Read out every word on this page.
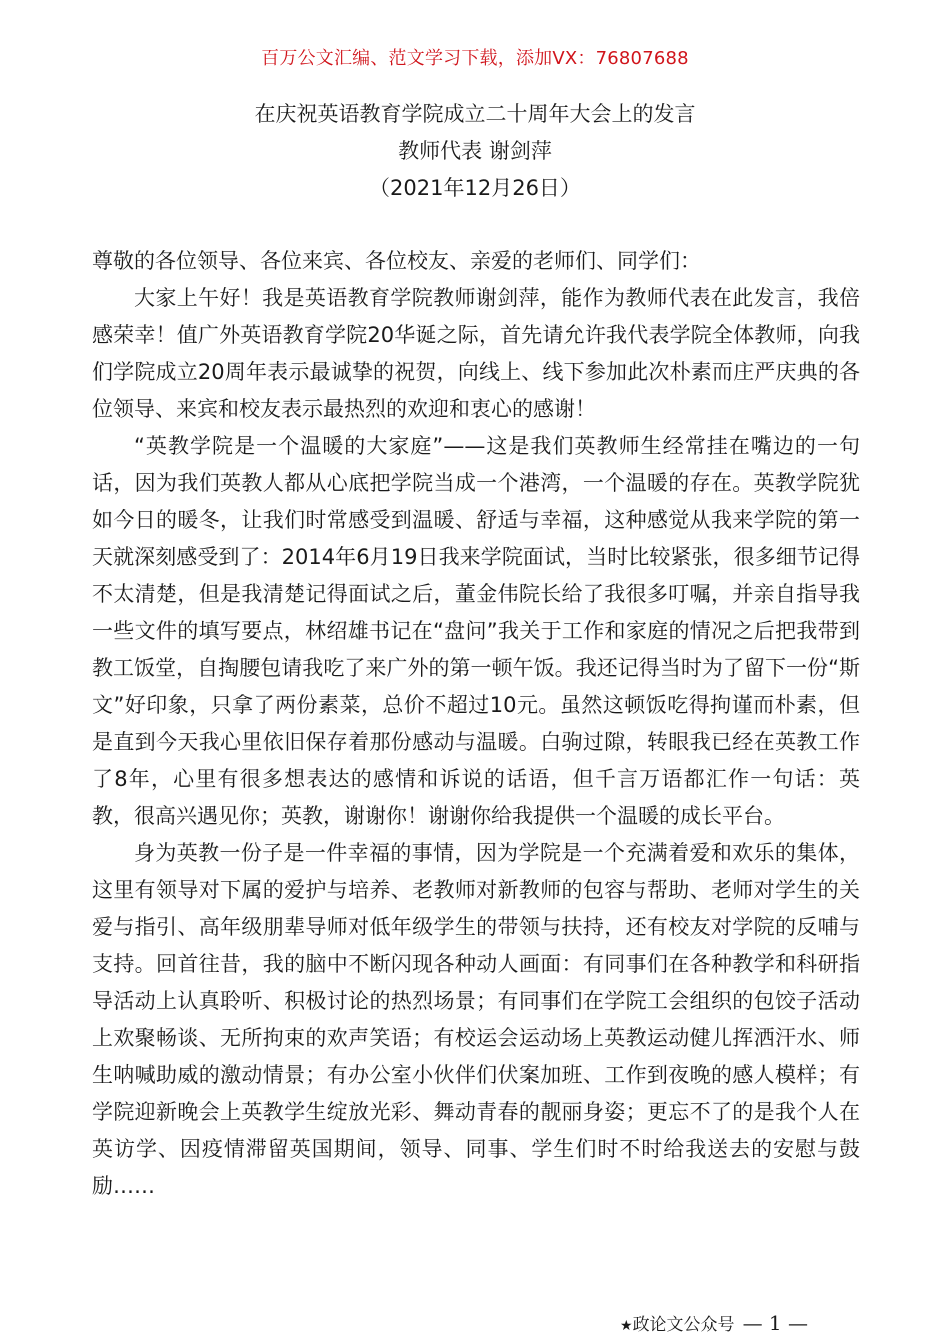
百万公文汇编、范文学习下载，添加VX：76807688
在庆祝英语教育学院成立二十周年大会上的发言
教师代表 谢剑萍
（2021年12月26日）

尊敬的各位领导、各位来宾、各位校友、亲爱的老师们、同学们：

大家上午好！我是英语教育学院教师谢剑萍，能作为教师代表在此发言，我倍感荣幸！值广外英语教育学院20华诞之际，首先请允许我代表学院全体教师，向我们学院成立20周年表示最诚挚的祝贺，向线上、线下参加此次朴素而庄严庆典的各位领导、来宾和校友表示最热烈的欢迎和衷心的感谢！

“英教学院是一个温暖的大家庭”——这是我们英教师生经常挂在嘴边的一句话，因为我们英教人都从心底把学院当成一个港湾，一个温暖的存在。英教学院犹如今日的暖冬，让我们时常感受到温暖、舒适与幸福，这种感觉从我来学院的第一天就深刻感受到了：2014年6月19日我来学院面试，当时比较紧张，很多细节记得不太清楚，但是我清楚记得面试之后，董金伟院长给了我很多叮嘱，并亲自指导我一些文件的填写要点，林绍雄书记在“盘问”我关于工作和家庭的情况之后把我带到教工饭堂，自掏腰包请我吃了来广外的第一顿午饭。我还记得当时为了留下一份“斯文”好印象，只拿了两份素菜，总价不超过10元。虽然这顿饭吃得拘谨而朴素，但是直到今天我心里依旧保存着那份感动与温暖。白驹过隙，转眼我已经在英教工作了8年，心里有很多想表达的感情和诉说的话语，但千言万语都汇作一句话：英教，很高兴遇见你；英教，谢谢你！谢谢你给我提供一个温暖的成长平台。

身为英教一份子是一件幸福的事情，因为学院是一个充满着爱和欢乐的集体，这里有领导对下属的爱护与培养、老教师对新教师的包容与帮助、老师对学生的关爱与指引、高年级朋辈导师对低年级学生的带领与扶持，还有校友对学院的反哺与支持。回首往昔，我的脑中不断闪现各种动人画面：有同事们在各种教学和科研指导活动上认真聆听、积极讨论的热烈场景；有同事们在学院工会组织的包饺子活动上欢聚畅谈、无所拘束的欢声笑语；有校运会运动场上英教运动健儿挥洒汗水、师生呐喊助威的激动情景；有办公室小伙伴们伏案加班、工作到夜晚的感人模样；有学院迎新晚会上英教学生绽放光彩、舞动青春的靓丽身姿；更忘不了的是我个人在英访学、因疫情滞留英国期间，领导、同事、学生们时不时给我送去的安慰与鼓励……

★政论文公众号 — 1 —
